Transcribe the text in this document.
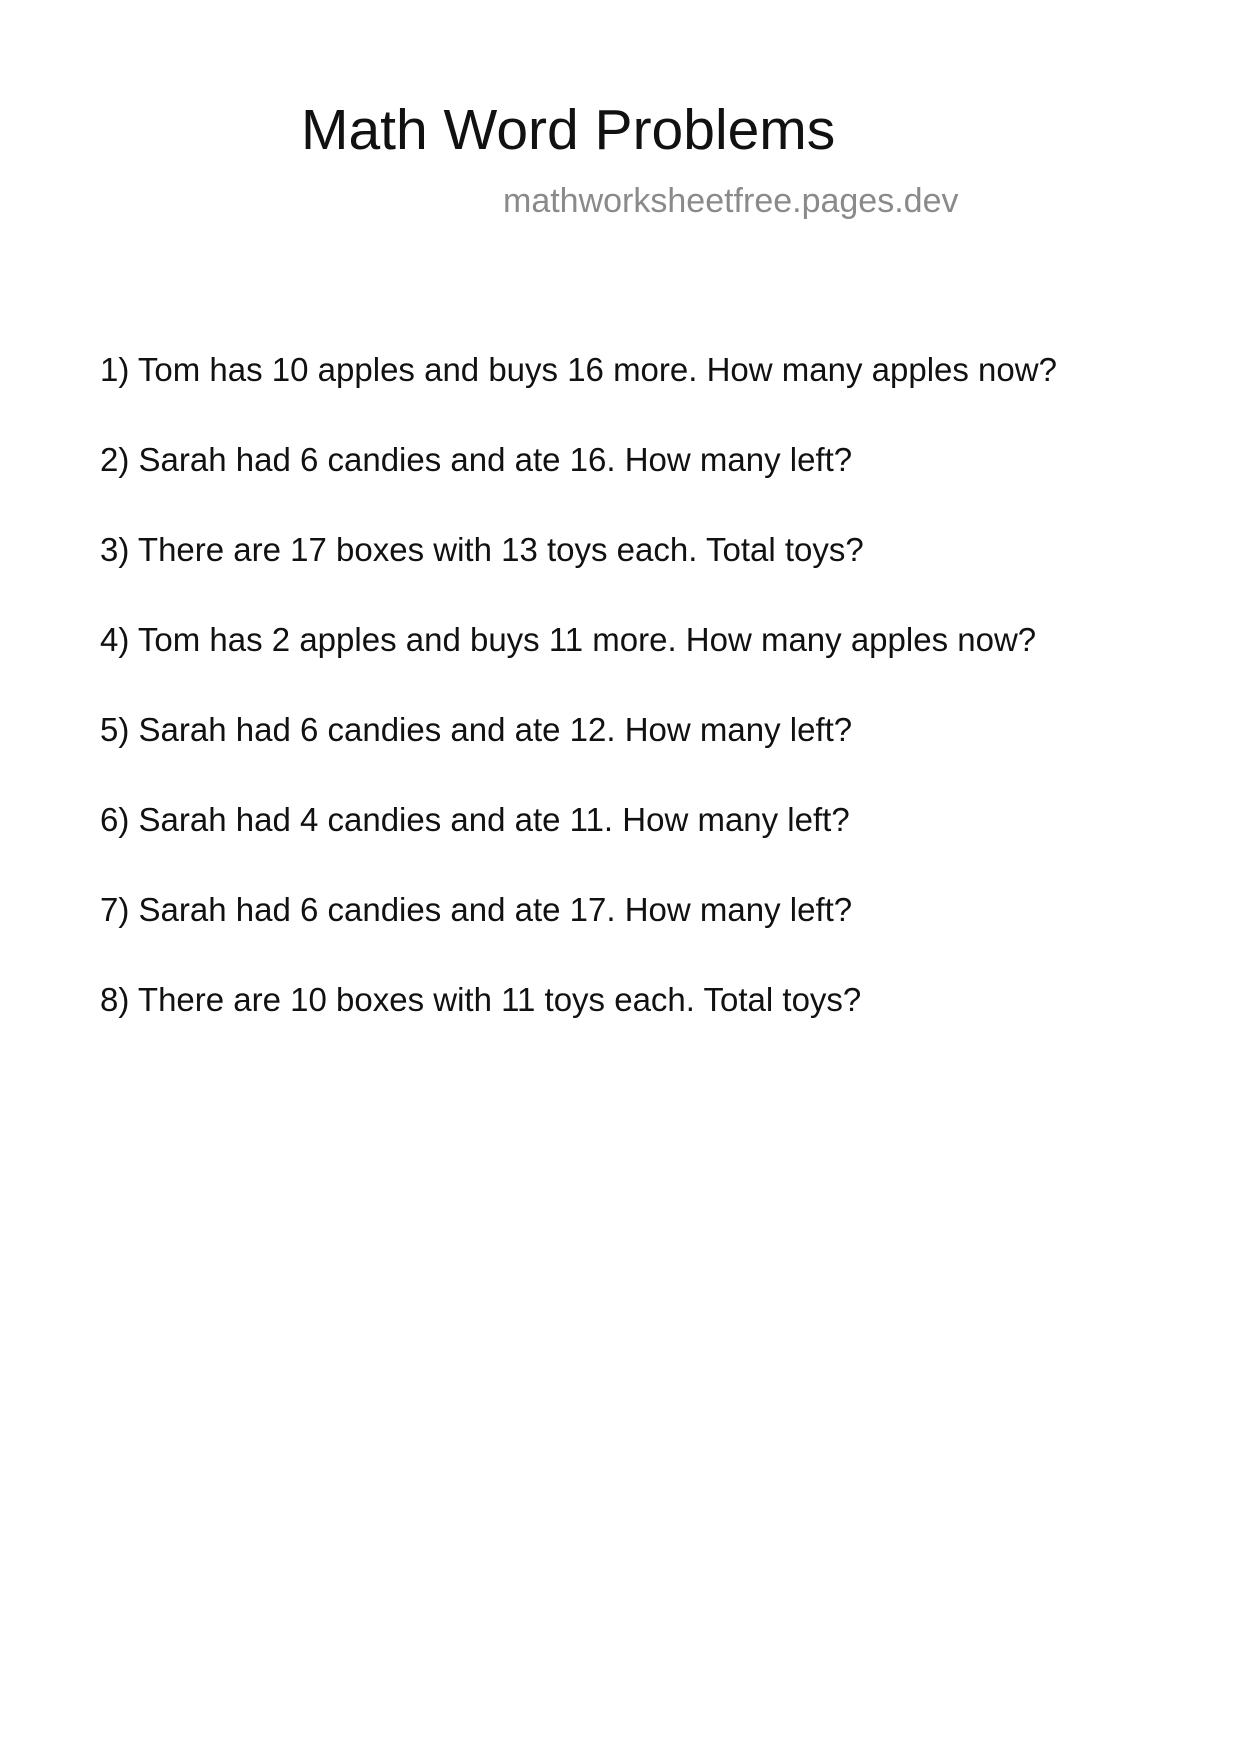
Math Word Problems

mathworksheetfree.pages.dev

1) Tom has 10 apples and buys 16 more. How many apples now?
2) Sarah had 6 candies and ate 16. How many left?
3) There are 17 boxes with 13 toys each. Total toys?
4) Tom has 2 apples and buys 11 more. How many apples now?
5) Sarah had 6 candies and ate 12. How many left?
6) Sarah had 4 candies and ate 11. How many left?
7) Sarah had 6 candies and ate 17. How many left?
8) There are 10 boxes with 11 toys each. Total toys?
